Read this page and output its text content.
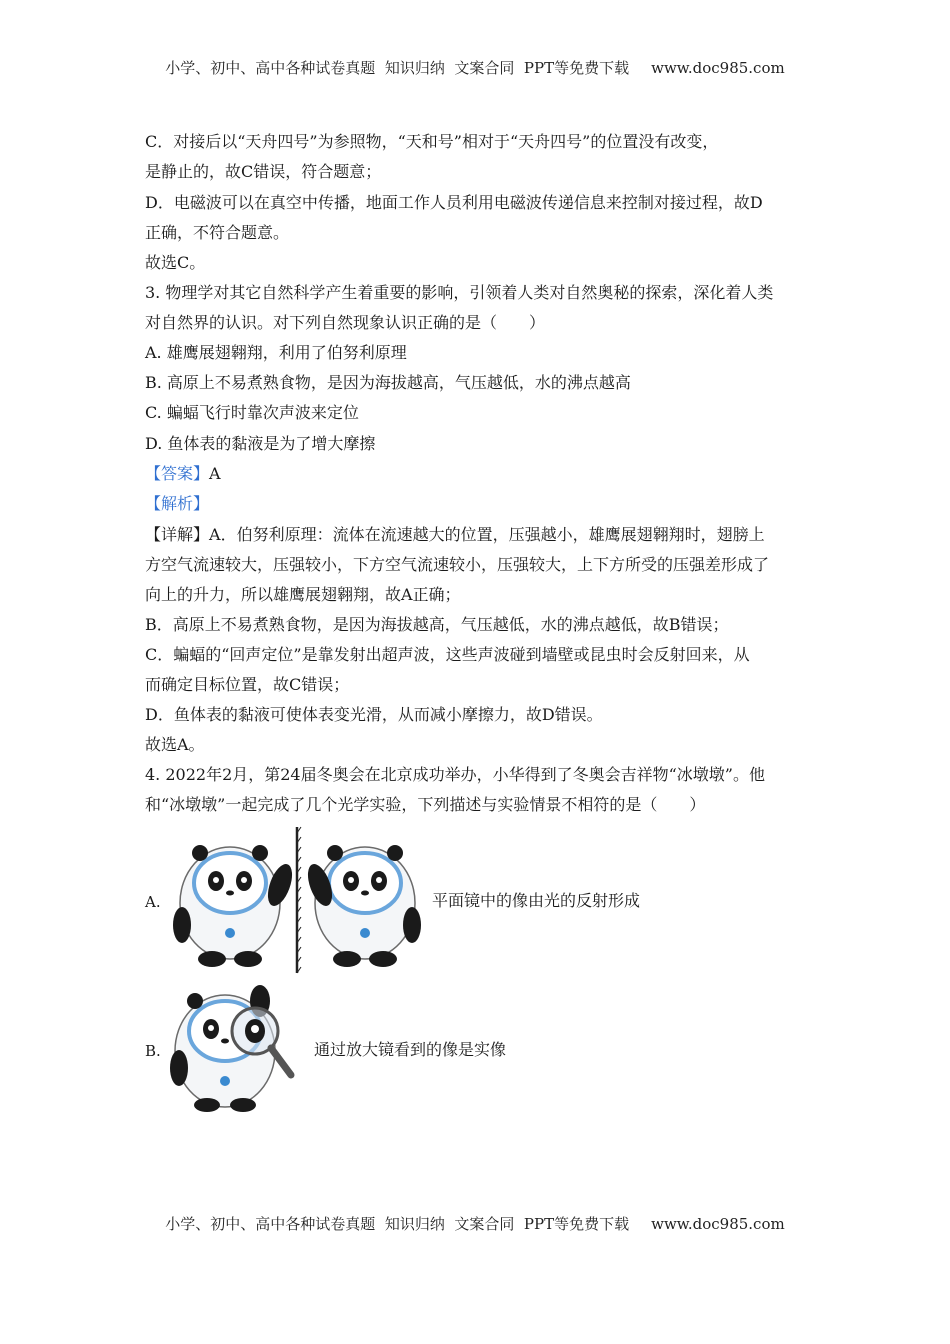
小学、初中、高中各种试卷真题  知识归纳  文案合同  PPT等免费下载 www.doc985.com
C．对接后以“天舟四号”为参照物，“天和号”相对于“天舟四号”的位置没有改变，
是静止的，故C错误，符合题意；
D．电磁波可以在真空中传播，地面工作人员利用电磁波传递信息来控制对接过程，故D
正确，不符合题意。
故选C。
3. 物理学对其它自然科学产生着重要的影响，引领着人类对自然奥秘的探索，深化着人类
对自然界的认识。对下列自然现象认识正确的是（　　）
A. 雄鹰展翅翱翔，利用了伯努利原理
B. 高原上不易煮熟食物，是因为海拔越高，气压越低，水的沸点越高
C. 蝙蝠飞行时靠次声波来定位
D. 鱼体表的黏液是为了增大摩擦
【答案】A
【解析】
【详解】A．伯努利原理：流体在流速越大的位置，压强越小，雄鹰展翅翱翔时，翅膀上
方空气流速较大，压强较小，下方空气流速较小，压强较大，上下方所受的压强差形成了
向上的升力，所以雄鹰展翅翱翔，故A正确；
B．高原上不易煮熟食物，是因为海拔越高，气压越低，水的沸点越低，故B错误；
C．蝙蝠的“回声定位”是靠发射出超声波，这些声波碰到墙壁或昆虫时会反射回来，从
而确定目标位置，故C错误；
D．鱼体表的黏液可使体表变光滑，从而减小摩擦力，故D错误。
故选A。
4. 2022年2月，第24届冬奥会在北京成功举办，小华得到了冬奥会吉祥物“冰墩墩”。他
和“冰墩墩”一起完成了几个光学实验，下列描述与实验情景不相符的是（　　）
A.	平面镜中的像由光的反射形成
B.	通过放大镜看到的像是实像
小学、初中、高中各种试卷真题  知识归纳  文案合同  PPT等免费下载 www.doc985.com
